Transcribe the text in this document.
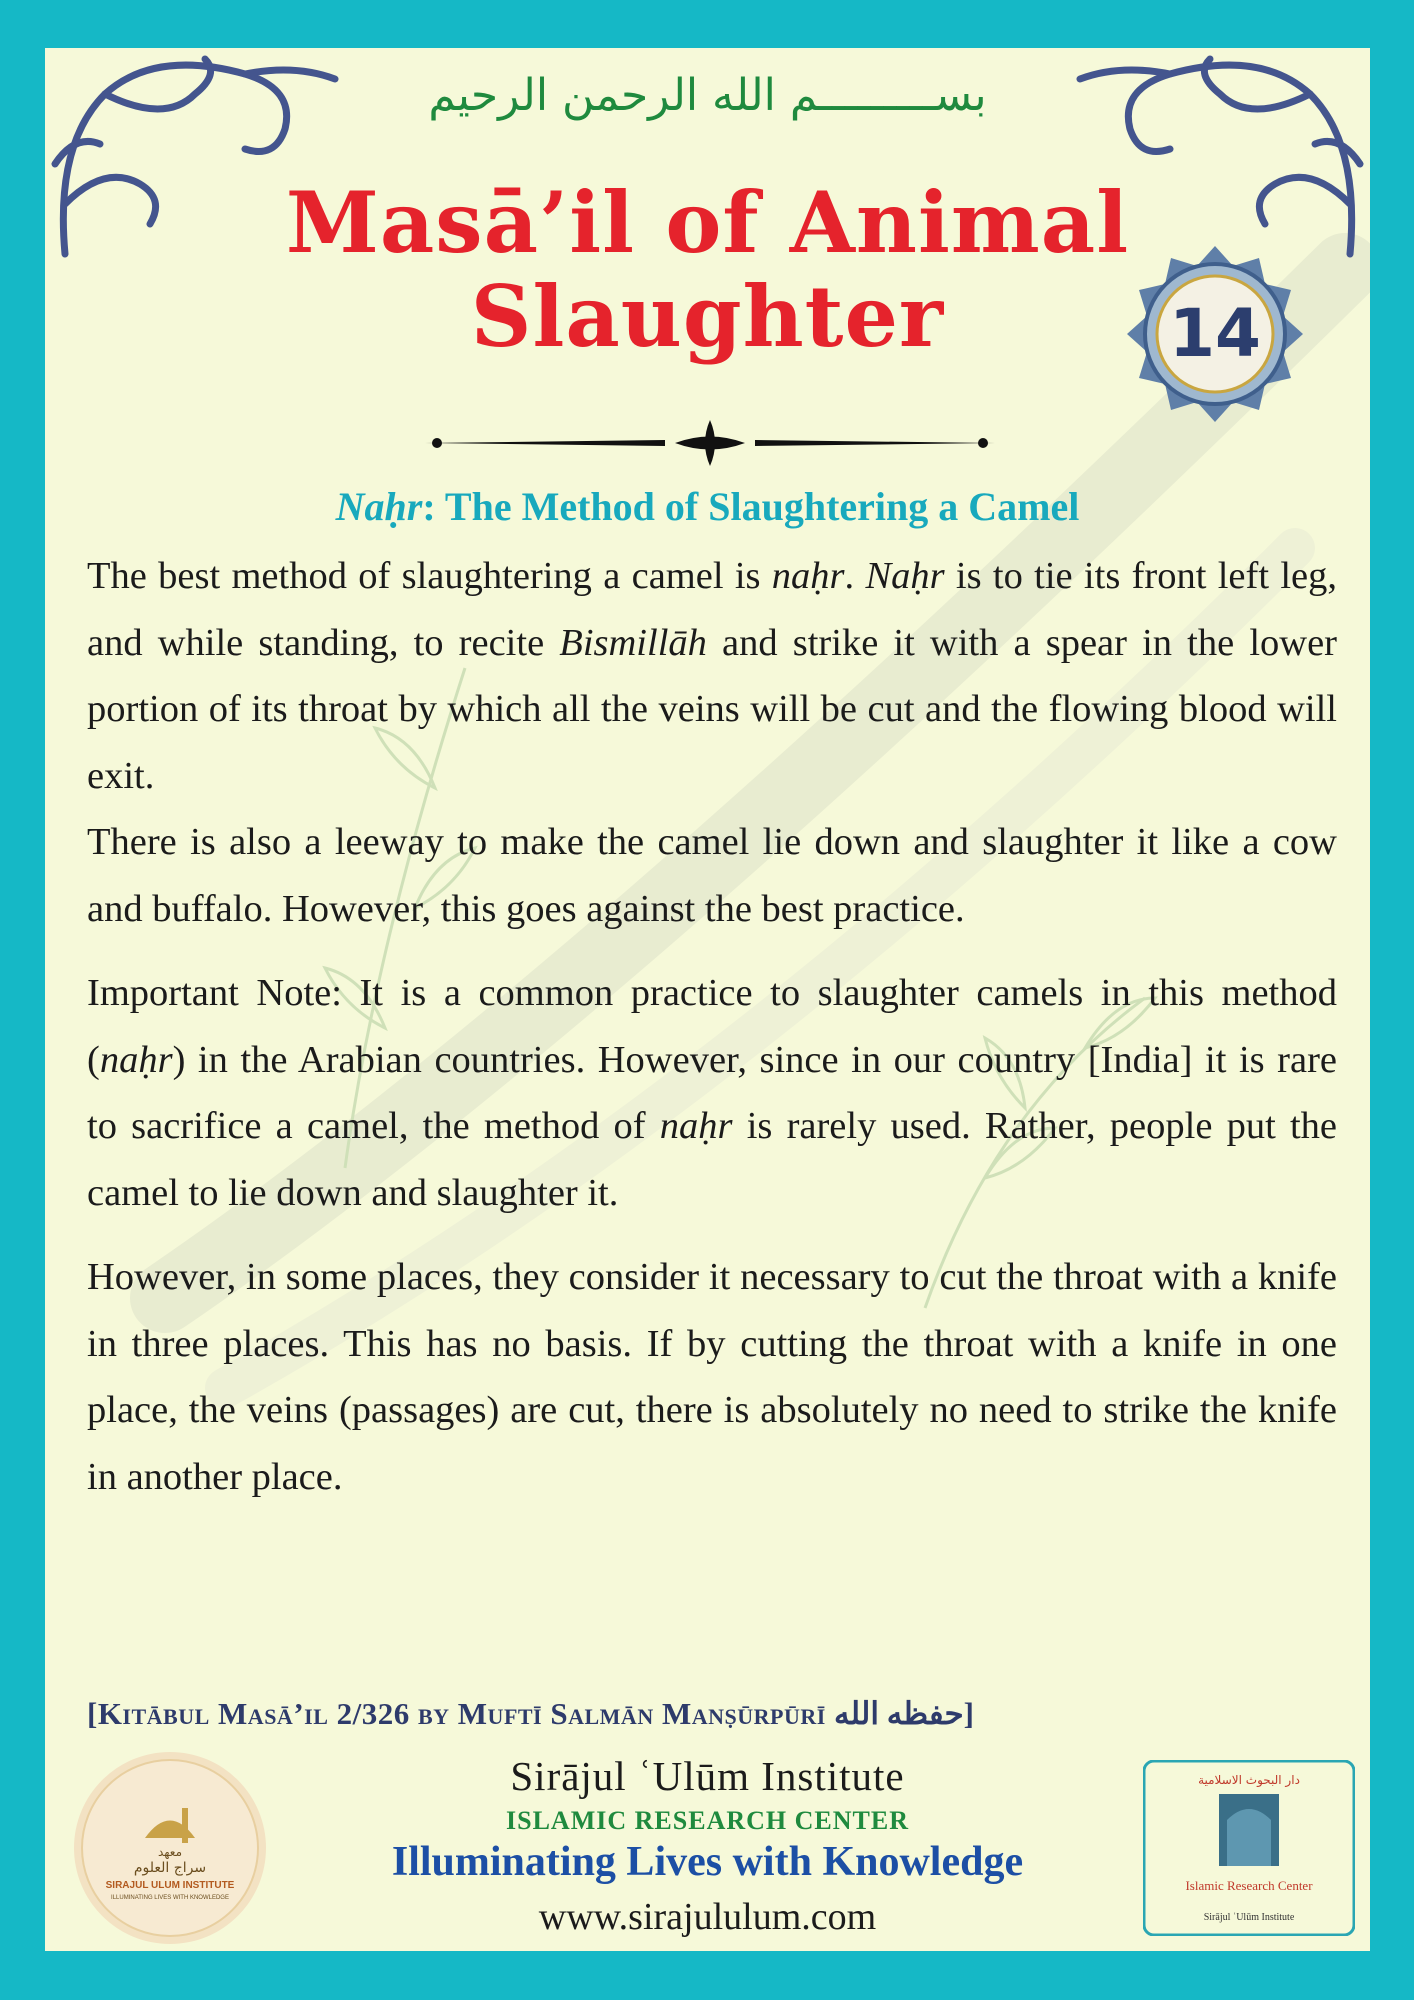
بســـــــــم الله الرحمن الرحيم
Masā’il of Animal
Slaughter	14
Naḥr: The Method of Slaughtering a Camel

The best method of slaughtering a camel is naḥr. Naḥr is to tie its front left leg, and while standing, to recite Bismillāh and strike it with a spear in the lower portion of its throat by which all the veins will be cut and the flowing blood will exit.

There is also a leeway to make the camel lie down and slaughter it like a cow and buffalo. However, this goes against the best practice.

Important Note: It is a common practice to slaughter camels in this method (naḥr) in the Arabian countries. However, since in our country [India] it is rare to sacrifice a camel, the method of naḥr is rarely used. Rather, people put the camel to lie down and slaughter it.

However, in some places, they consider it necessary to cut the throat with a knife in three places. This has no basis. If by cutting the throat with a knife in one place, the veins (passages) are cut, there is absolutely no need to strike the knife in another place.

[Kitābul Masā’il 2/326 by Muftī Salmān Manṣūrpūrī حفظه الله]
معهد
سراج العلوم
SIRAJUL ULUM INSTITUTE
ILLUMINATING LIVES WITH KNOWLEDGE
دار البحوث الاسلامية
Islamic Research Center
Sirājul ʿUlūm Institute
Sirājul ʿUlūm Institute
ISLAMIC RESEARCH CENTER
Illuminating Lives with Knowledge
www.sirajululum.com
